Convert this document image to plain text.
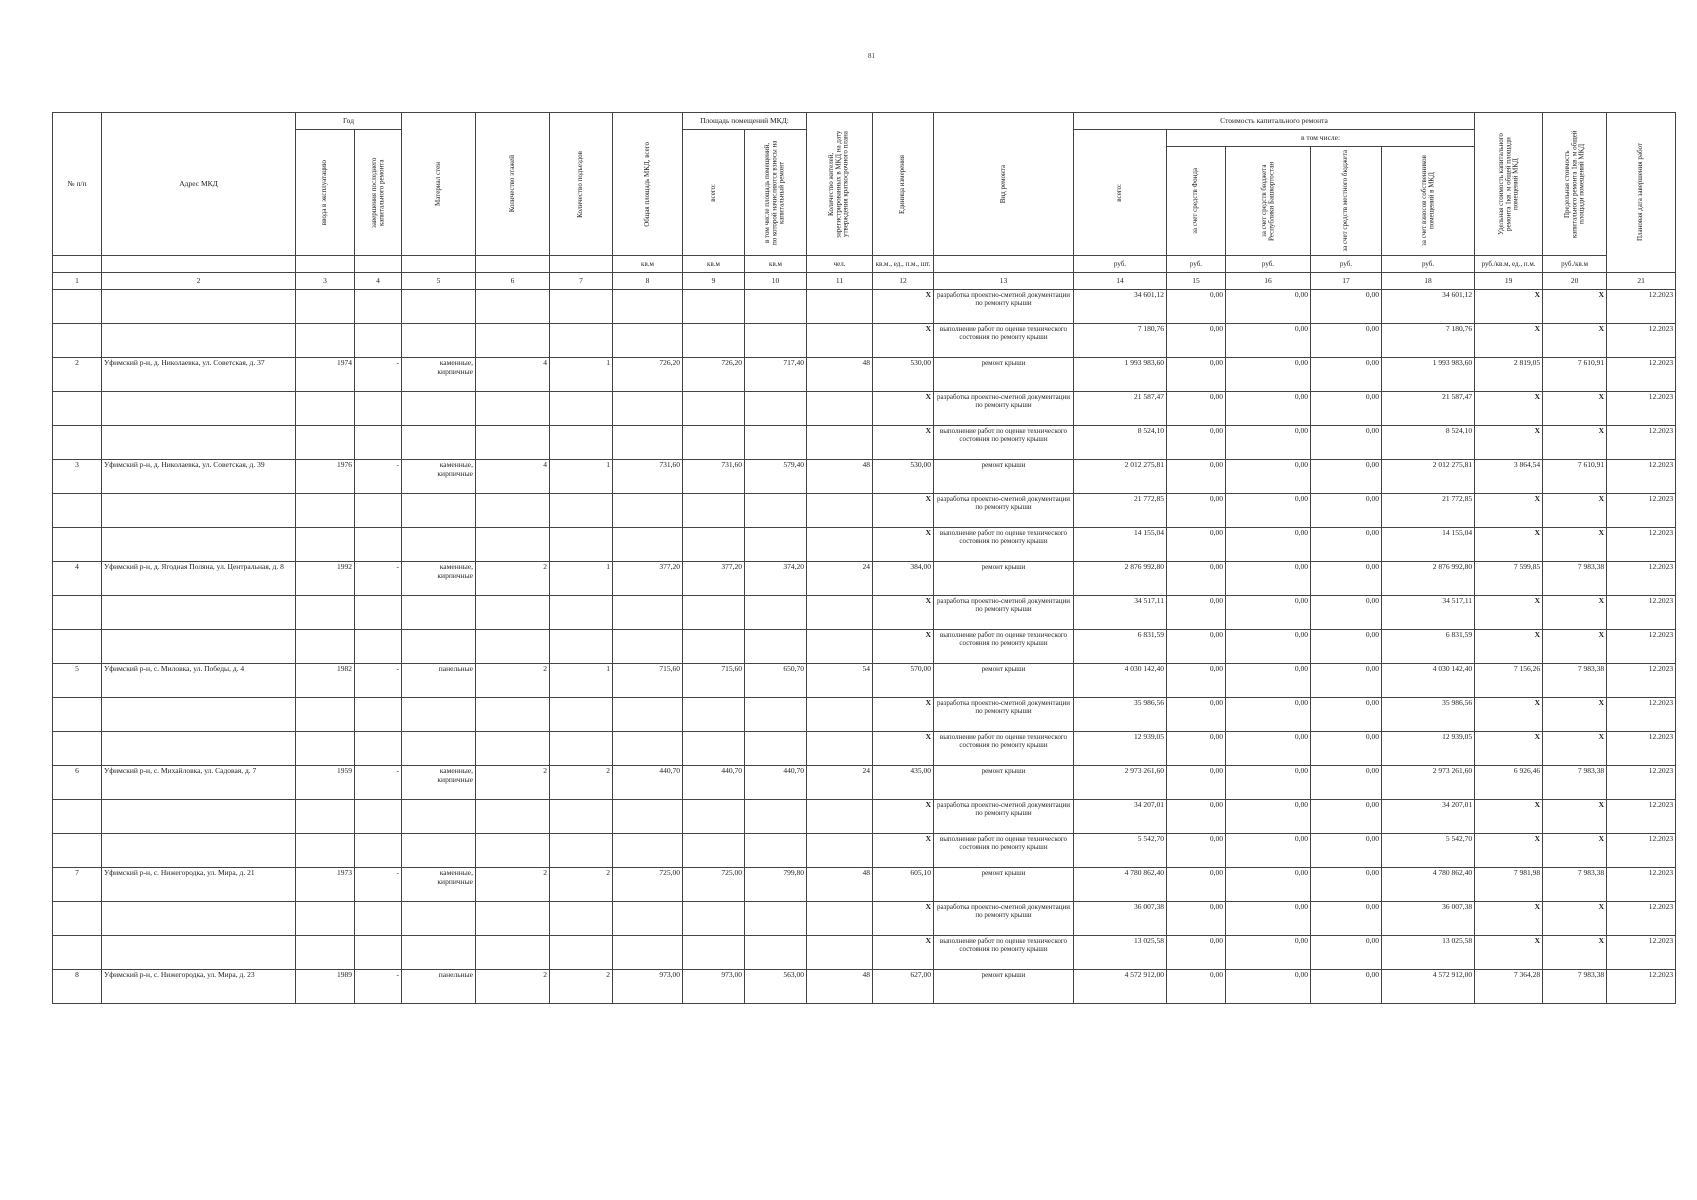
81
№ п/п	Адрес МКД	Год		Материал стен	Количество этажей	Количество подъездов	Общая площадь МКД, всего	Площадь помещений МКД:		Количество жителей, зарегистрированных в МКД на дату утверждения краткосрочного плана	Единица измерения	Вид ремонта	Стоимость капитального ремонта					Удельная стоимость капитального ремонта 1кв. м общей площади помещений МКД	Предельная стоимость капитального ремонта 1кв. м общей площади помещений МКД	Плановая дата завершения работ

		ввода в эксплуатацию	завершения последнего капитального ремонта					всего:	в том числе площадь помещений, по которой начисляются взносы на капитальный ремонт				всего:	в том числе:						

														за счет средств Фонда	за счет средств бюджета Республики Башкортостан	за счет средств местного бюджета	за счет взносов собственников помещений в МКД			

							кв.м	кв.м	кв.м	чел.	кв.м., ед., п.м., шт.		руб.	руб.	руб.	руб.	руб.	руб./кв.м, ед., п.м.	руб./кв.м	
1	2	3	4	5	6	7	8	9	10	11	12	13	14	15	16	17	18	19	20	21
											X	разработка проектно-сметной документации по ремонту крыши	34 601,12	0,00	0,00	0,00	34 601,12	X	X	12.2023
											X	выполнение работ по оценке технического состояния по ремонту крыши	7 180,76	0,00	0,00	0,00	7 180,76	X	X	12.2023
2	Уфимский р-н, д. Николаевка, ул. Советская, д. 37	1974	-	каменные, кирпичные	4	1	726,20	726,20	717,40	48	530,00	ремонт крыши	1 993 983,60	0,00	0,00	0,00	1 993 983,60	2 819,05	7 610,91	12.2023
											X	разработка проектно-сметной документации по ремонту крыши	21 587,47	0,00	0,00	0,00	21 587,47	X	X	12.2023
											X	выполнение работ по оценке технического состояния по ремонту крыши	8 524,10	0,00	0,00	0,00	8 524,10	X	X	12.2023
3	Уфимский р-н, д. Николаевка, ул. Советская, д. 39	1976	-	каменные, кирпичные	4	1	731,60	731,60	579,40	48	530,00	ремонт крыши	2 012 275,81	0,00	0,00	0,00	2 012 275,81	3 864,54	7 610,91	12.2023
											X	разработка проектно-сметной документации по ремонту крыши	21 772,85	0,00	0,00	0,00	21 772,85	X	X	12.2023
											X	выполнение работ по оценке технического состояния по ремонту крыши	14 155,04	0,00	0,00	0,00	14 155,04	X	X	12.2023
4	Уфимский р-н, д. Ягодная Поляна, ул. Центральная, д. 8	1992	-	каменные, кирпичные	2	1	377,20	377,20	374,20	24	384,00	ремонт крыши	2 876 992,80	0,00	0,00	0,00	2 876 992,80	7 599,85	7 983,38	12.2023
											X	разработка проектно-сметной документации по ремонту крыши	34 517,11	0,00	0,00	0,00	34 517,11	X	X	12.2023
											X	выполнение работ по оценке технического состояния по ремонту крыши	6 831,59	0,00	0,00	0,00	6 831,59	X	X	12.2023
5	Уфимский р-н, с. Миловка, ул. Победы, д. 4	1982	-	панельные	2	1	715,60	715,60	650,70	54	570,00	ремонт крыши	4 030 142,40	0,00	0,00	0,00	4 030 142,40	7 156,26	7 983,38	12.2023
											X	разработка проектно-сметной документации по ремонту крыши	35 986,56	0,00	0,00	0,00	35 986,56	X	X	12.2023
											X	выполнение работ по оценке технического состояния по ремонту крыши	12 939,05	0,00	0,00	0,00	12 939,05	X	X	12.2023
6	Уфимский р-н, с. Михайловка, ул. Садовая, д. 7	1959	-	каменные, кирпичные	2	2	440,70	440,70	440,70	24	435,00	ремонт крыши	2 973 261,60	0,00	0,00	0,00	2 973 261,60	6 926,46	7 983,38	12.2023
											X	разработка проектно-сметной документации по ремонту крыши	34 207,01	0,00	0,00	0,00	34 207,01	X	X	12.2023
											X	выполнение работ по оценке технического состояния по ремонту крыши	5 542,70	0,00	0,00	0,00	5 542,70	X	X	12.2023
7	Уфимский р-н, с. Нижегородка, ул. Мира, д. 21	1973	-	каменные, кирпичные	2	2	725,00	725,00	799,80	48	605,10	ремонт крыши	4 780 862,40	0,00	0,00	0,00	4 780 862,40	7 981,98	7 983,38	12.2023
											X	разработка проектно-сметной документации по ремонту крыши	36 007,38	0,00	0,00	0,00	36 007,38	X	X	12.2023
											X	выполнение работ по оценке технического состояния по ремонту крыши	13 025,58	0,00	0,00	0,00	13 025,58	X	X	12.2023
8	Уфимский р-н, с. Нижегородка, ул. Мира, д. 23	1989	-	панельные	2	2	973,00	973,00	563,00	48	627,00	ремонт крыши	4 572 912,00	0,00	0,00	0,00	4 572 912,00	7 364,28	7 983,38	12.2023
